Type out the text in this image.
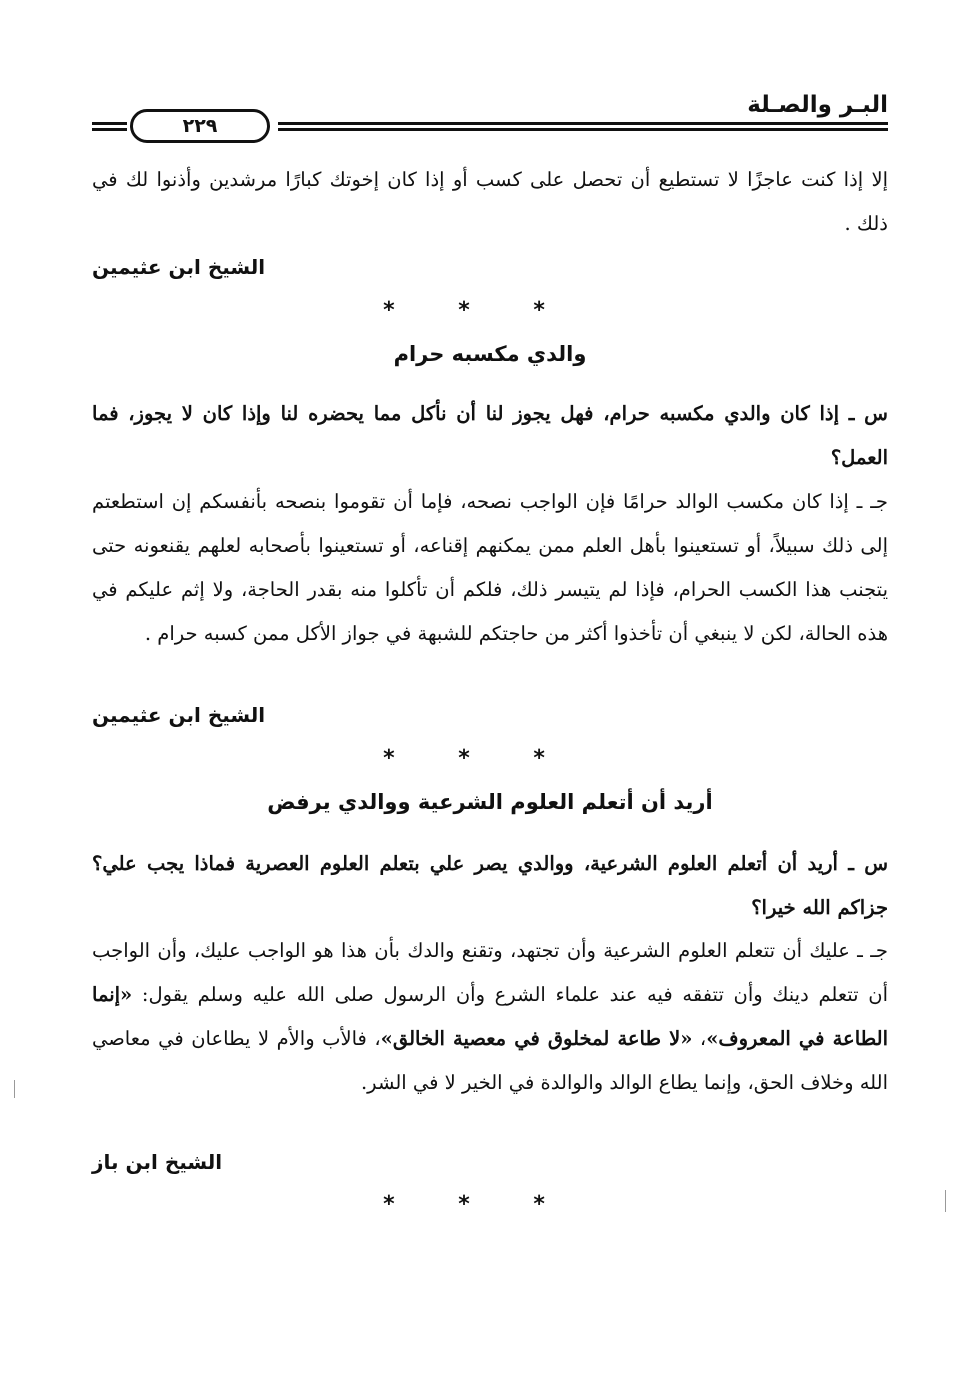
البـر والصـلة
٢٢٩
إلا إذا كنت عاجزًا لا تستطيع أن تحصل على كسب أو إذا كان إخوتك كبارًا مرشدين وأذنوا لك في ذلك .
الشيخ ابن عثيمين
* * *
والدي مكسبه حرام
س ـ إذا كان والدي مكسبه حرام، فهل يجوز لنا أن نأكل مما يحضره لنا وإذا كان لا يجوز، فما العمل؟
جـ ـ إذا كان مكسب الوالد حرامًا فإن الواجب نصحه، فإما أن تقوموا بنصحه بأنفسكم إن استطعتم إلى ذلك سبيلاً، أو تستعينوا بأهل العلم ممن يمكنهم إقناعه، أو تستعينوا بأصحابه لعلهم يقنعونه حتى يتجنب هذا الكسب الحرام، فإذا لم يتيسر ذلك، فلكم أن تأكلوا منه بقدر الحاجة، ولا إثم عليكم في هذه الحالة، لكن لا ينبغي أن تأخذوا أكثر من حاجتكم للشبهة في جواز الأكل ممن كسبه حرام .
الشيخ ابن عثيمين
* * *
أريد أن أتعلم العلوم الشرعية ووالدي يرفض
س ـ أريد أن أتعلم العلوم الشرعية، ووالدي يصر علي بتعلم العلوم العصرية فماذا يجب علي؟ جزاكم الله خيرا؟
جـ ـ عليك أن تتعلم العلوم الشرعية وأن تجتهد، وتقنع والدك بأن هذا هو الواجب عليك، وأن الواجب أن تتعلم دينك وأن تتفقه فيه عند علماء الشرع وأن الرسول صلى الله عليه وسلم يقول: «إنما الطاعة في المعروف»، «لا طاعة لمخلوق في معصية الخالق»، فالأب والأم لا يطاعان في معاصي الله وخلاف الحق، وإنما يطاع الوالد والوالدة في الخير لا في الشر.
الشيخ ابن باز
* * *
